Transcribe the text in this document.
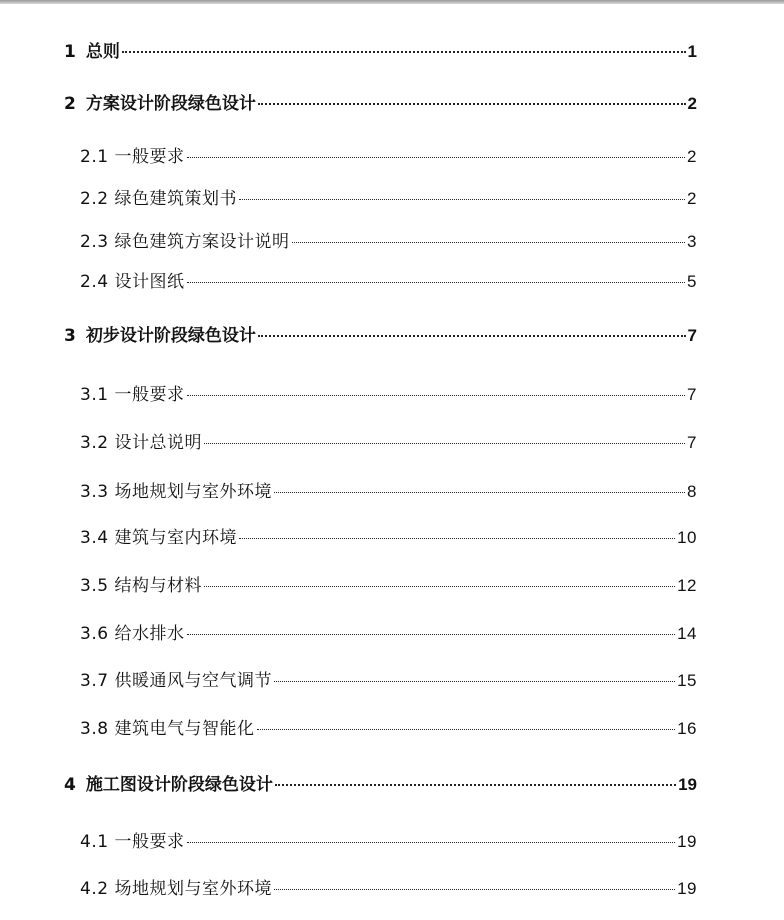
1 总则	1
2 方案设计阶段绿色设计	2
2.1 一般要求	2
2.2 绿色建筑策划书	2
2.3 绿色建筑方案设计说明	3
2.4 设计图纸	5
3 初步设计阶段绿色设计	7
3.1 一般要求	7
3.2 设计总说明	7
3.3 场地规划与室外环境	8
3.4 建筑与室内环境	10
3.5 结构与材料	12
3.6 给水排水	14
3.7 供暖通风与空气调节	15
3.8 建筑电气与智能化	16
4 施工图设计阶段绿色设计	19
4.1 一般要求	19
4.2 场地规划与室外环境	19
